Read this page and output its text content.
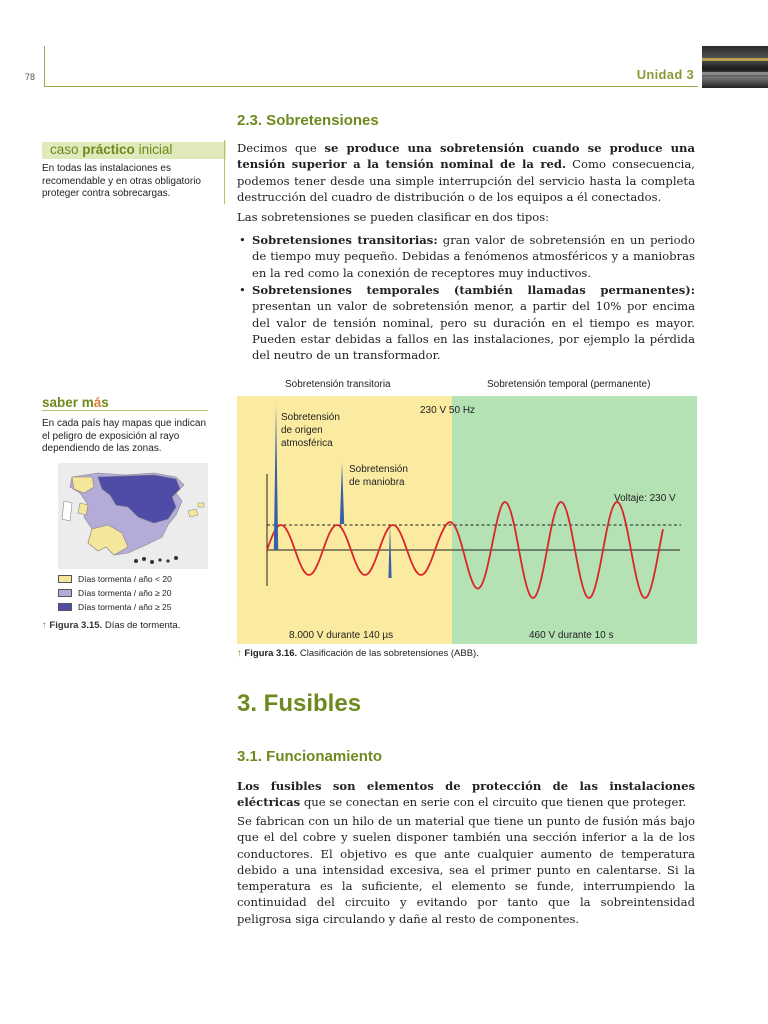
78	Unidad 3
caso práctico inicial
En todas las instalaciones es recomendable y en otras obligatorio proteger contra sobrecargas.
saber más
En cada país hay mapas que indican el peligro de exposición al rayo dependiendo de las zonas.
Días tormenta / año < 20
Días tormenta / año ≥ 20
Días tormenta / año ≥ 25
↑ Figura 3.15. Días de tormenta.
2.3. Sobretensiones
Decimos que se produce una sobretensión cuando se produce una tensión superior a la tensión nominal de la red. Como consecuencia, podemos tener desde una simple interrupción del servicio hasta la completa destrucción del cuadro de distribución o de los equipos a él conectados.
Las sobretensiones se pueden clasificar en dos tipos:
• Sobretensiones transitorias: gran valor de sobretensión en un periodo de tiempo muy pequeño. Debidas a fenómenos atmosféricos y a maniobras en la red como la conexión de receptores muy inductivos.
• Sobretensiones temporales (también llamadas permanentes): presentan un valor de sobretensión menor, a partir del 10% por encima del valor de tensión nominal, pero su duración en el tiempo es mayor. Pueden estar debidas a fallos en las instalaciones, por ejemplo la pérdida del neutro de un transformador.
Sobretensión transitoria	Sobretensión temporal (permanente)
230 V 50 Hz
Sobretensión
de origen
atmosférica
Sobretensión
de maniobra
Voltaje: 230 V
8.000 V durante 140 µs	460 V durante 10 s
↑ Figura 3.16. Clasificación de las sobretensiones (ABB).
3. Fusibles
3.1. Funcionamiento
Los fusibles son elementos de protección de las instalaciones eléctricas que se conectan en serie con el circuito que tienen que proteger.
Se fabrican con un hilo de un material que tiene un punto de fusión más bajo que el del cobre y suelen disponer también una sección inferior a la de los conductores. El objetivo es que ante cualquier aumento de temperatura debido a una intensidad excesiva, sea el primer punto en calentarse. Si la temperatura es la suficiente, el elemento se funde, interrumpiendo la continuidad del circuito y evitando por tanto que la sobreintensidad peligrosa siga circulando y dañe al resto de componentes.
